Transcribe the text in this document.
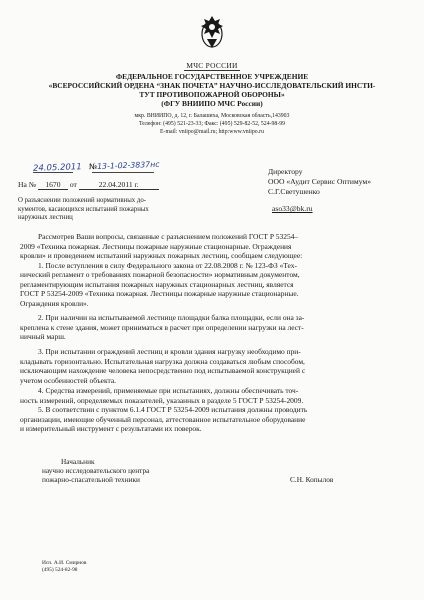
МЧС РОССИИ
ФЕДЕРАЛЬНОЕ ГОСУДАРСТВЕННОЕ УЧРЕЖДЕНИЕ
«ВСЕРОССИЙСКИЙ ОРДЕНА “ЗНАК ПОЧЕТА” НАУЧНО-ИССЛЕДОВАТЕЛЬСКИЙ ИНСТИ-
ТУТ ПРОТИВОПОЖАРНОЙ ОБОРОНЫ»
(ФГУ ВНИИПО МЧС России)
мкр. ВНИИПО, д. 12, г. Балашиха, Московская область,143903
Телефон: (495) 521-23-33; Факс: (495) 529-82-52, 524-98-99
E-mail: vniipo@mail.ru; http:www.vniipo.ru
24.05.2011 №13-1-02-3837нс
На № 1670 от	22.04.2011 г.
Директору
ООО «Аудит Сервис Оптимум»
С.Г.Светушенко
aso33@bk.ru
О разъяснении положений нормативных до-
кументов, касающихся испытаний пожарных
наружных лестниц
Рассмотрев Ваши вопросы, связанные с разъяснением положений ГОСТ Р 53254–
2009 «Техника пожарная. Лестницы пожарные наружные стационарные. Ограждения
кровли» и проведением испытаний наружных пожарных лестниц, сообщаем следующее:
1. После вступления в силу Федерального закона от 22.08.2008 г. № 123-ФЗ «Тех-
нический регламент о требованиях пожарной безопасности» нормативным документом,
регламентирующим испытания пожарных наружных стационарных лестниц, является
ГОСТ Р 53254-2009 «Техника пожарная. Лестницы пожарные наружные стационарные.
Ограждения кровли».
2. При наличии на испытываемой лестнице площадки балка площадки, если она за-
креплена к стене здания, может приниматься в расчет при определении нагрузки на лест-
ничный марш.
3. При испытании ограждений лестниц и кровли здания нагрузку необходимо при-
кладывать горизонтально. Испытательная нагрузка должна создаваться любым способом,
исключающим нахождение человека непосредственно под испытываемой конструкцией с
учетом особенностей объекта.
4. Средства измерений, применяемые при испытаниях, должны обеспечивать точ-
ность измерений, определяемых показателей, указанных в разделе 5 ГОСТ Р 53254-2009.
5. В соответствии с пунктом 6.1.4 ГОСТ Р 53254-2009 испытания должны проводить
организации, имеющие обученный персонал, аттестованное испытательное оборудование
и измерительный инструмент с результатами их поверок.
Начальник
научно исследовательского центра
пожарно-спасательной техники	С.Н. Копылов
Исп. А.И. Смирнов
(495) 524-82-98
